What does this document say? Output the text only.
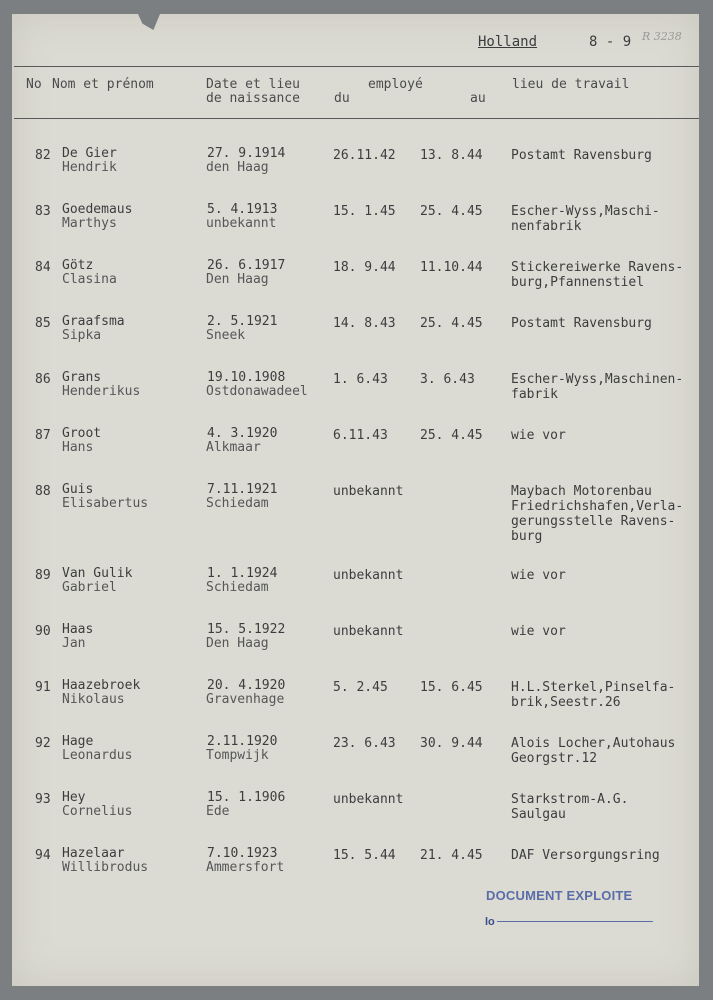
Holland	8 - 9 R 3238
No Nom et prénom	Date et lieu
de naissance
employé
du	au
lieu de travail
82 De Gier
Hendrik
27. 9.1914
den Haag
26.11.42 13. 8.44 Postamt Ravensburg
83 Goedemaus
Marthys
5. 4.1913
unbekannt
15. 1.45 25. 4.45 Escher-Wyss,Maschi-
nenfabrik
84 Götz
Clasina
26. 6.1917
Den Haag
18. 9.44 11.10.44 Stickereiwerke Ravens-
burg,Pfannenstiel
85 Graafsma
Sipka
2. 5.1921
Sneek
14. 8.43 25. 4.45 Postamt Ravensburg
86 Grans
Henderikus
19.10.1908
Ostdonawadeel
1. 6.43 3. 6.43	Escher-Wyss,Maschinen-
fabrik
87 Groot
Hans
4. 3.1920
Alkmaar
6.11.43 25. 4.45 wie vor
88 Guis
Elisabertus
7.11.1921
Schiedam
unbekannt	Maybach Motorenbau
Friedrichshafen,Verla-
gerungsstelle Ravens-
burg
89 Van Gulik
Gabriel
1. 1.1924
Schiedam
unbekannt	wie vor
90 Haas
Jan
15. 5.1922
Den Haag
unbekannt	wie vor
91 Haazebroek
Nikolaus
20. 4.1920
Gravenhage
5. 2.45 15. 6.45 H.L.Sterkel,Pinselfa-
brik,Seestr.26
92 Hage
Leonardus
2.11.1920
Tompwijk
23. 6.43 30. 9.44 Alois Locher,Autohaus
Georgstr.12
93 Hey
Cornelius
15. 1.1906
Ede
unbekannt	Starkstrom-A.G.
Saulgau
94 Hazelaar
Willibrodus
7.10.1923
Ammersfort
15. 5.44 21. 4.45 DAF Versorgungsring
DOCUMENT EXPLOITE
lo
